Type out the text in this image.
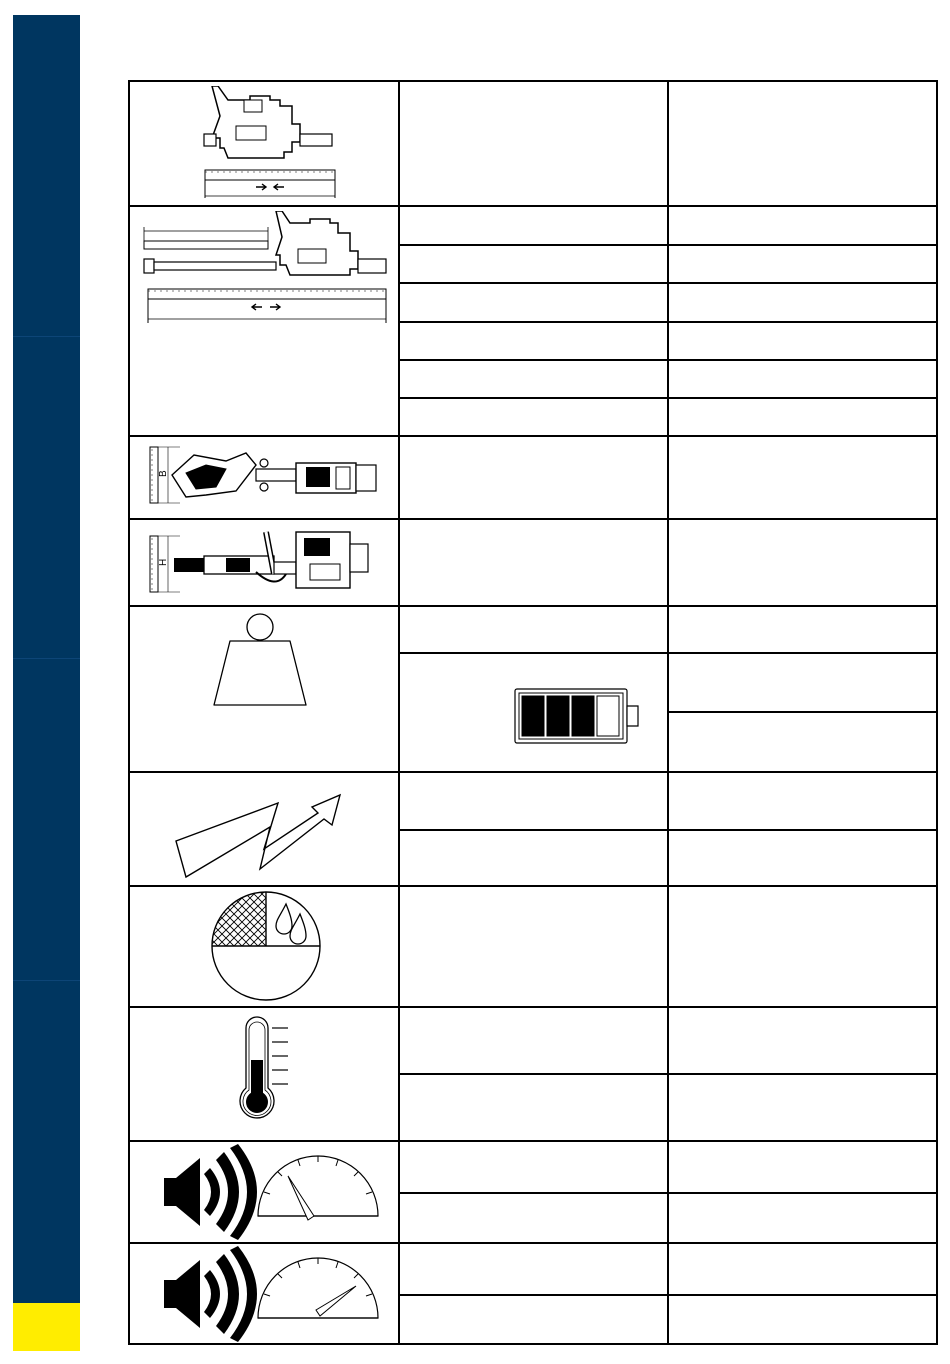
B
H
